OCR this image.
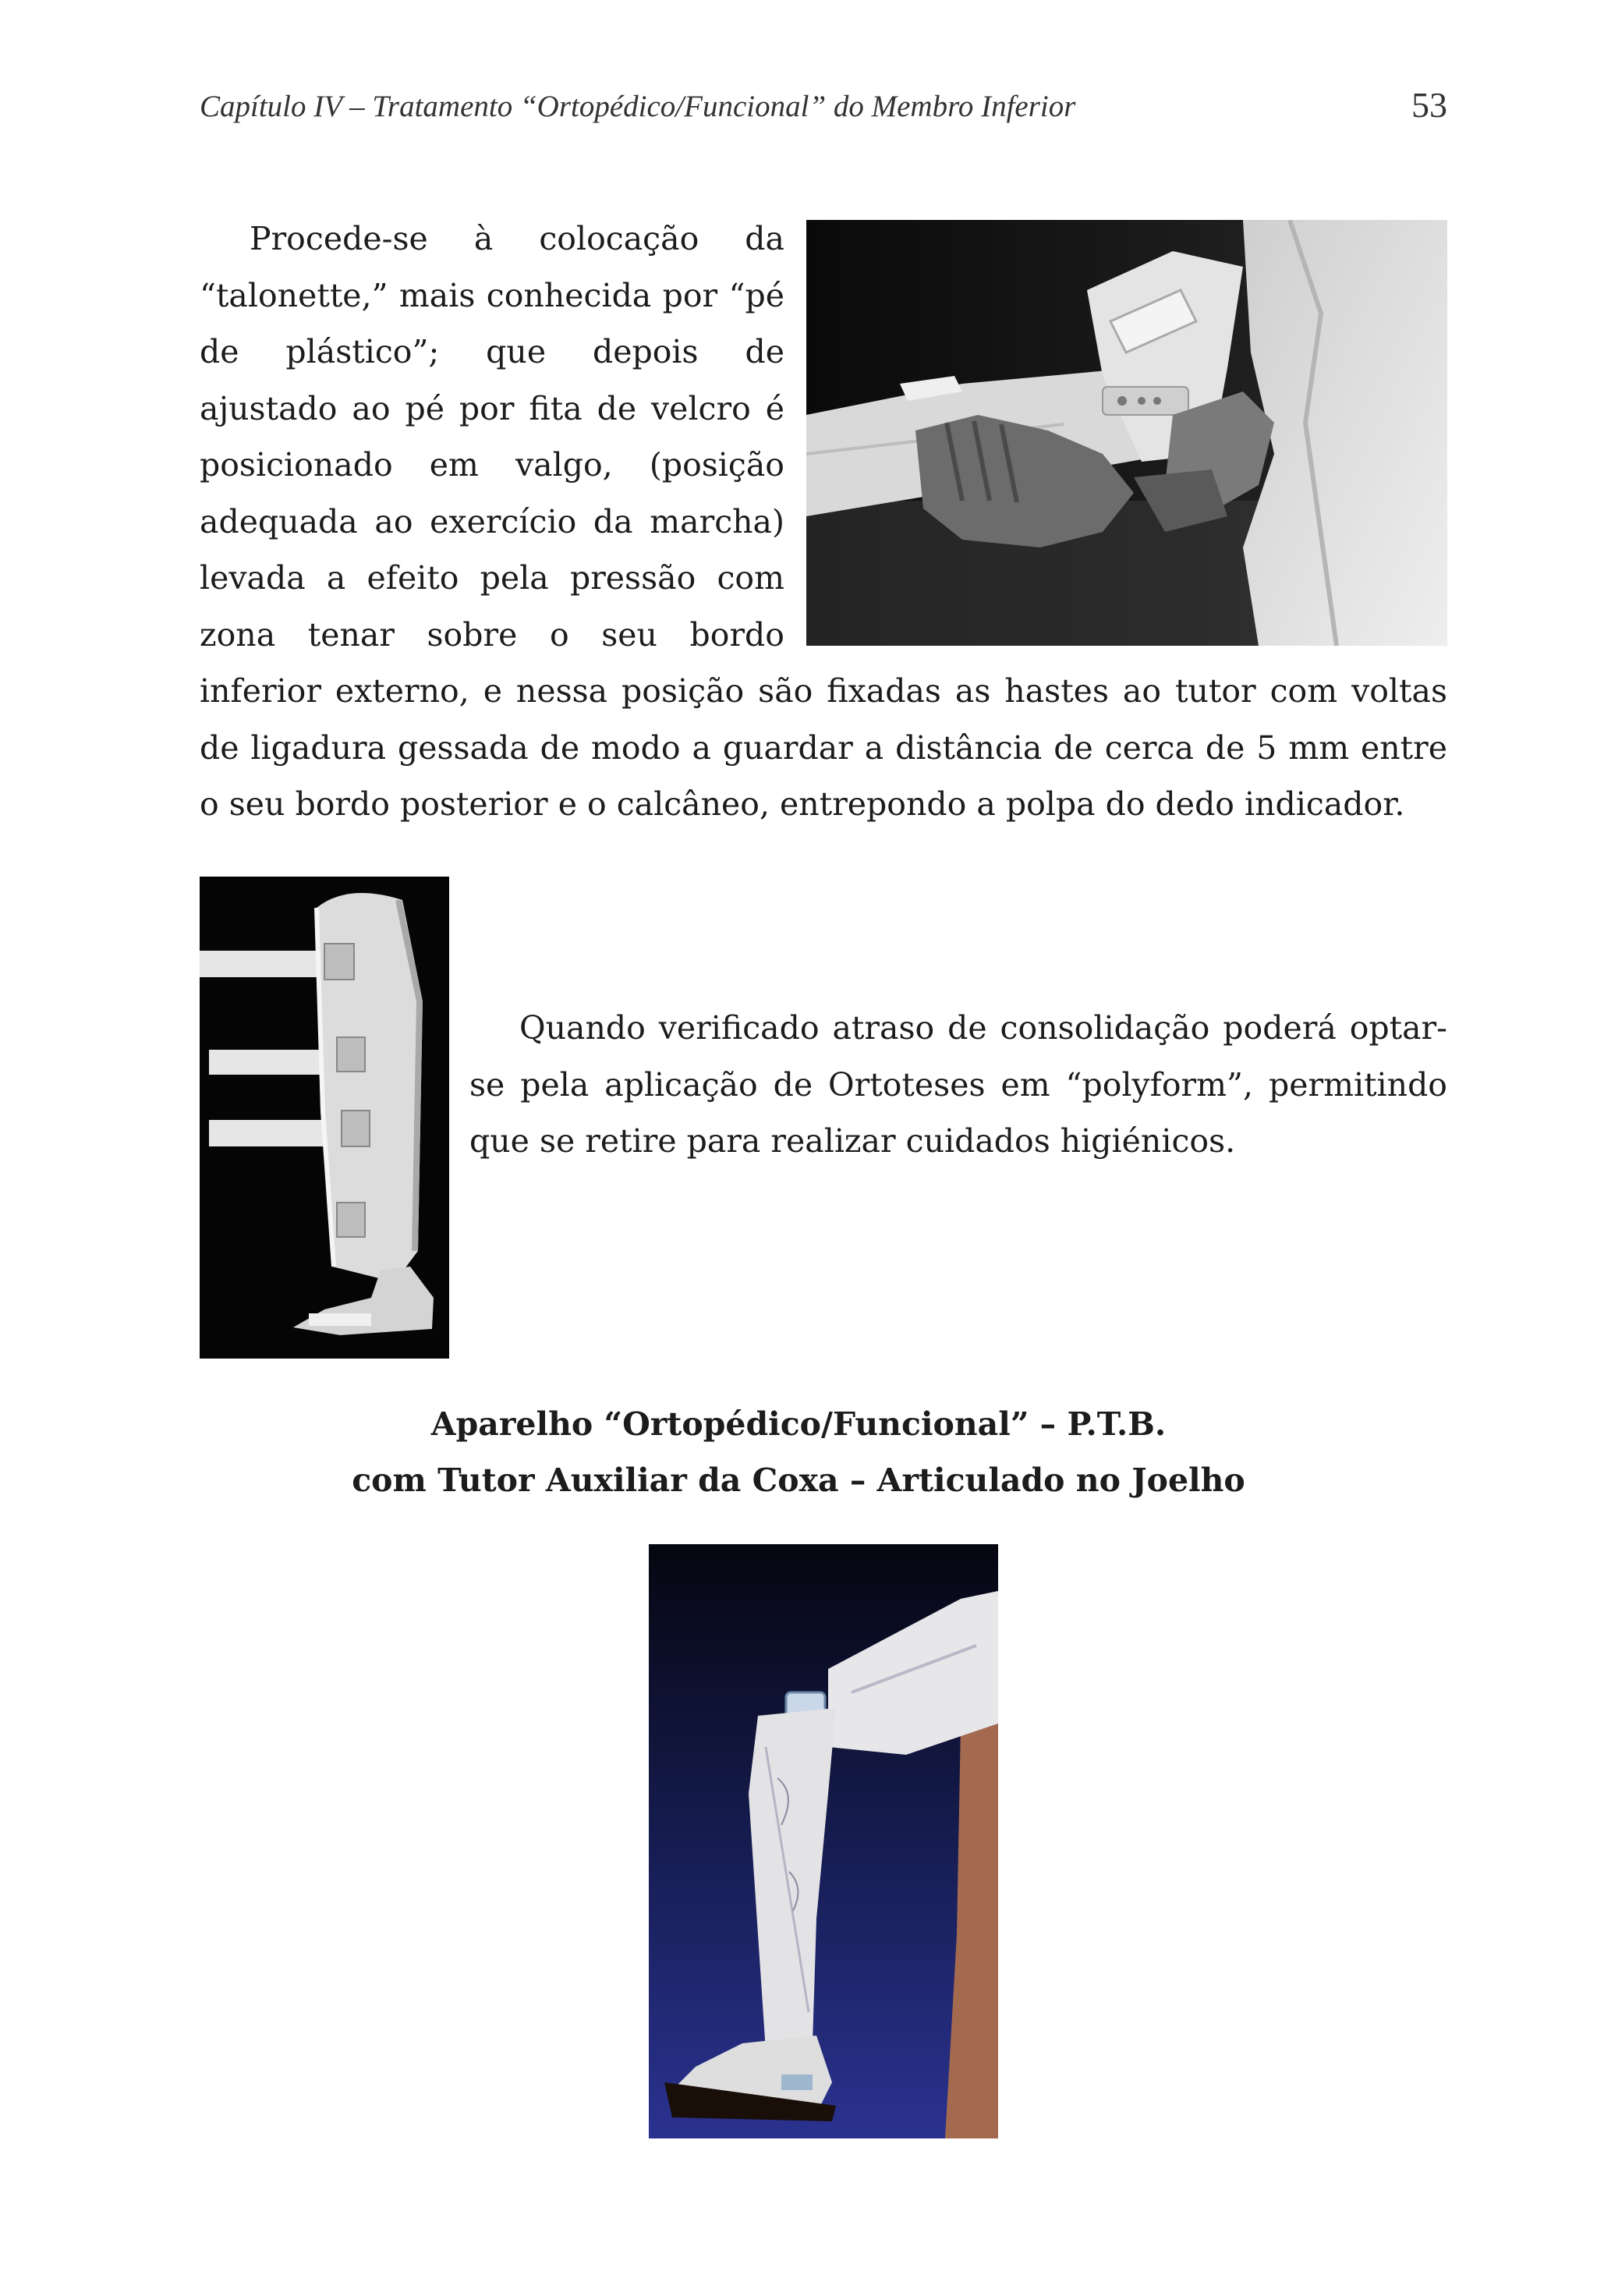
Capítulo IV – Tratamento “Ortopédico/Funcional” do Membro Inferior	53

Procede-se à colocação da “talonette,” mais conhecida por “pé de plástico”; que depois de ajustado ao pé por fita de velcro é posicionado em valgo, (posição adequada ao exercício da marcha) levada a efeito pela pressão com zona tenar sobre o seu bordo inferior externo, e nessa posição são fixadas as hastes ao tutor com voltas de ligadura gessada de modo a guardar a distância de cerca de 5 mm entre o seu bordo posterior e o calcâneo, entrepondo a polpa do dedo indicador.

Quando verificado atraso de consolidação poderá optar-se pela aplicação de Ortoteses em “polyform”, permitindo que se retire para realizar cuidados higiénicos.

Aparelho “Ortopédico/Funcional” – P.T.B.
com Tutor Auxiliar da Coxa – Articulado no Joelho
